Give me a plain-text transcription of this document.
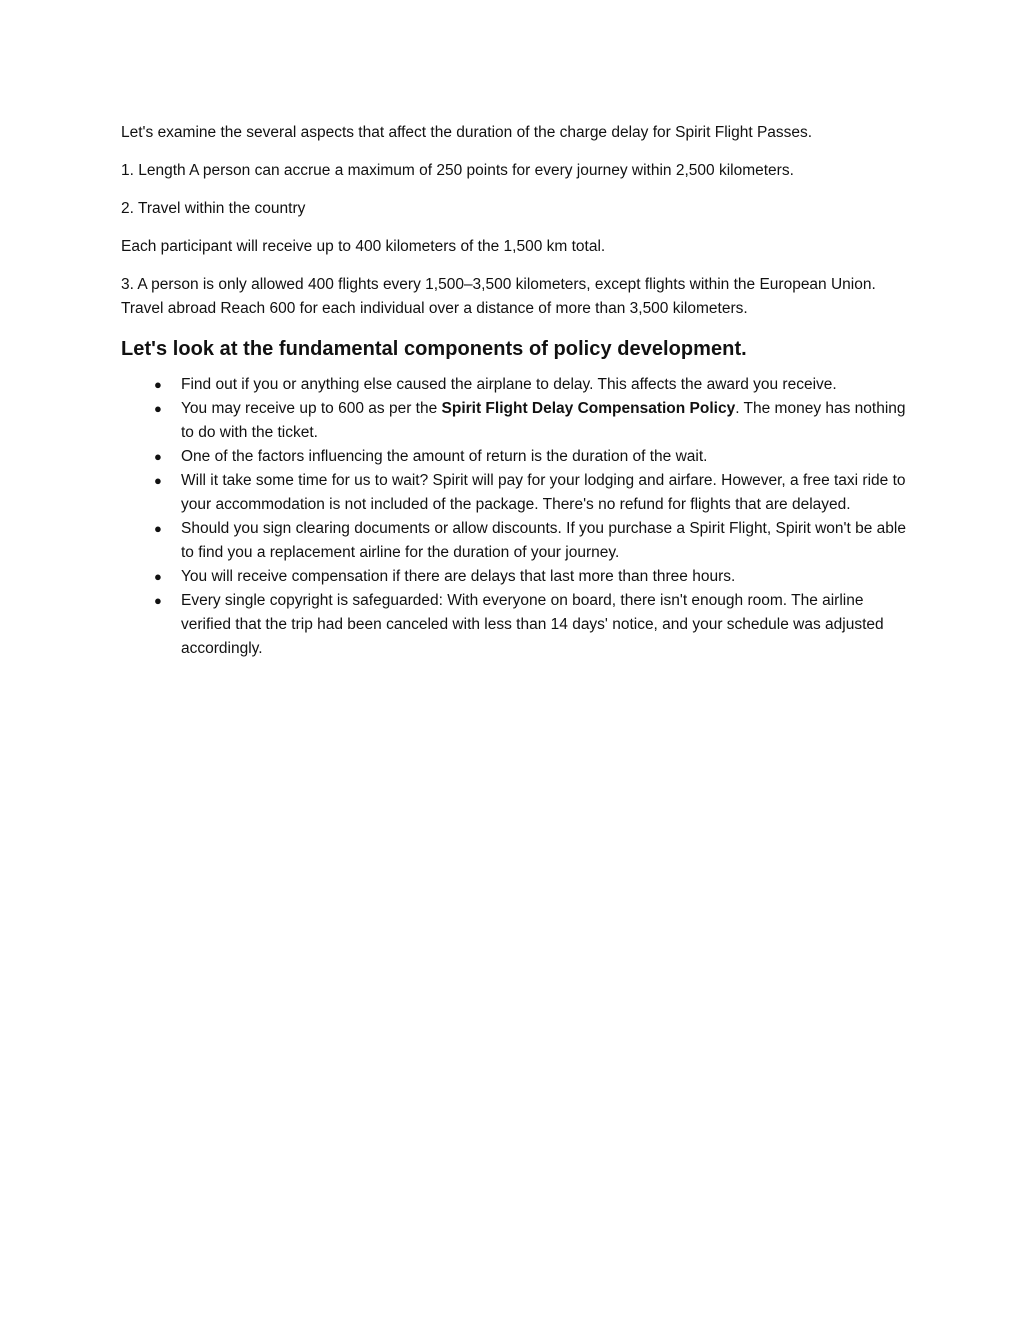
Let's examine the several aspects that affect the duration of the charge delay for Spirit Flight Passes.

1. Length A person can accrue a maximum of 250 points for every journey within 2,500 kilometers.

2. Travel within the country

Each participant will receive up to 400 kilometers of the 1,500 km total.

3. A person is only allowed 400 flights every 1,500–3,500 kilometers, except flights within the European Union. Travel abroad Reach 600 for each individual over a distance of more than 3,500 kilometers.

Let's look at the fundamental components of policy development.
● Find out if you or anything else caused the airplane to delay. This affects the award you receive.
● You may receive up to 600 as per the Spirit Flight Delay Compensation Policy. The money has nothing to do with the ticket.
● One of the factors influencing the amount of return is the duration of the wait.
● Will it take some time for us to wait? Spirit will pay for your lodging and airfare. However, a free taxi ride to your accommodation is not included of the package. There's no refund for flights that are delayed.
● Should you sign clearing documents or allow discounts. If you purchase a Spirit Flight, Spirit won't be able to find you a replacement airline for the duration of your journey.
● You will receive compensation if there are delays that last more than three hours.
● Every single copyright is safeguarded: With everyone on board, there isn't enough room. The airline verified that the trip had been canceled with less than 14 days' notice, and your schedule was adjusted accordingly.
